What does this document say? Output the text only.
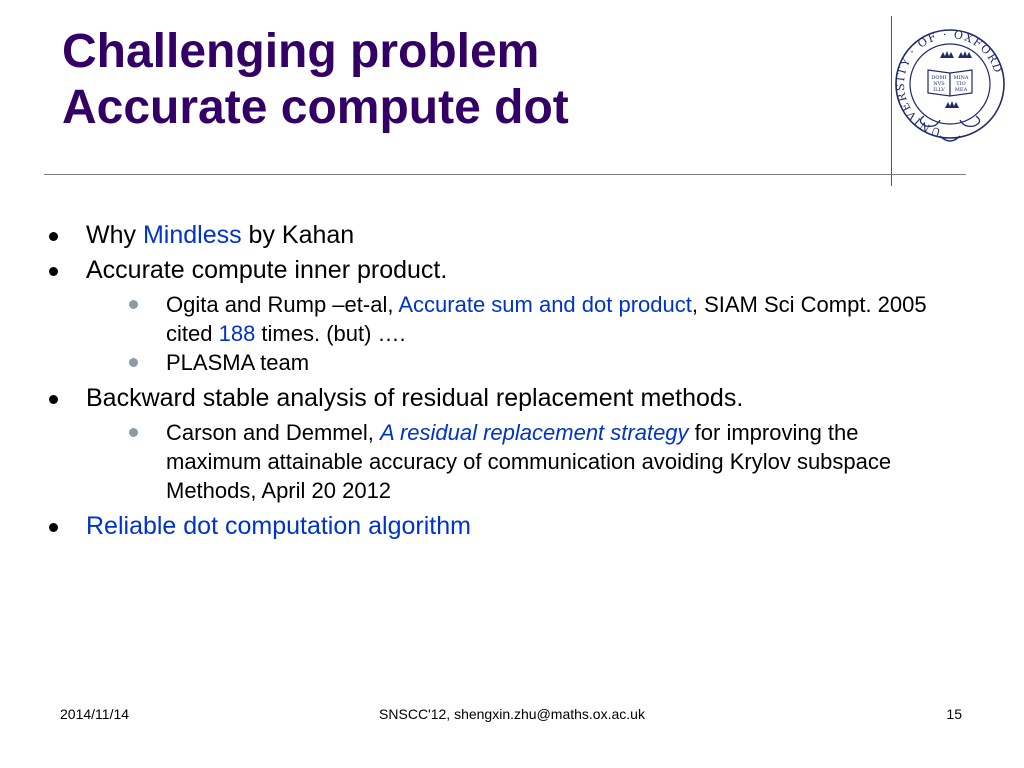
Challenging problem
Accurate compute dot	UNIVERSITY · OF · OXFORD
DOMI
NVS
ILLV
MINA
TIO
MEA
Why Mindless by Kahan
Accurate compute inner product.
Ogita and Rump –et-al, Accurate sum and dot product, SIAM Sci Compt. 2005 cited 188 times. (but) ….
PLASMA team
Backward stable analysis of residual replacement methods.
Carson and Demmel, A residual replacement strategy for improving the maximum attainable accuracy of communication avoiding Krylov subspace Methods, April 20 2012
Reliable dot computation algorithm
2014/11/14	SNSCC'12, shengxin.zhu@maths.ox.ac.uk	15
